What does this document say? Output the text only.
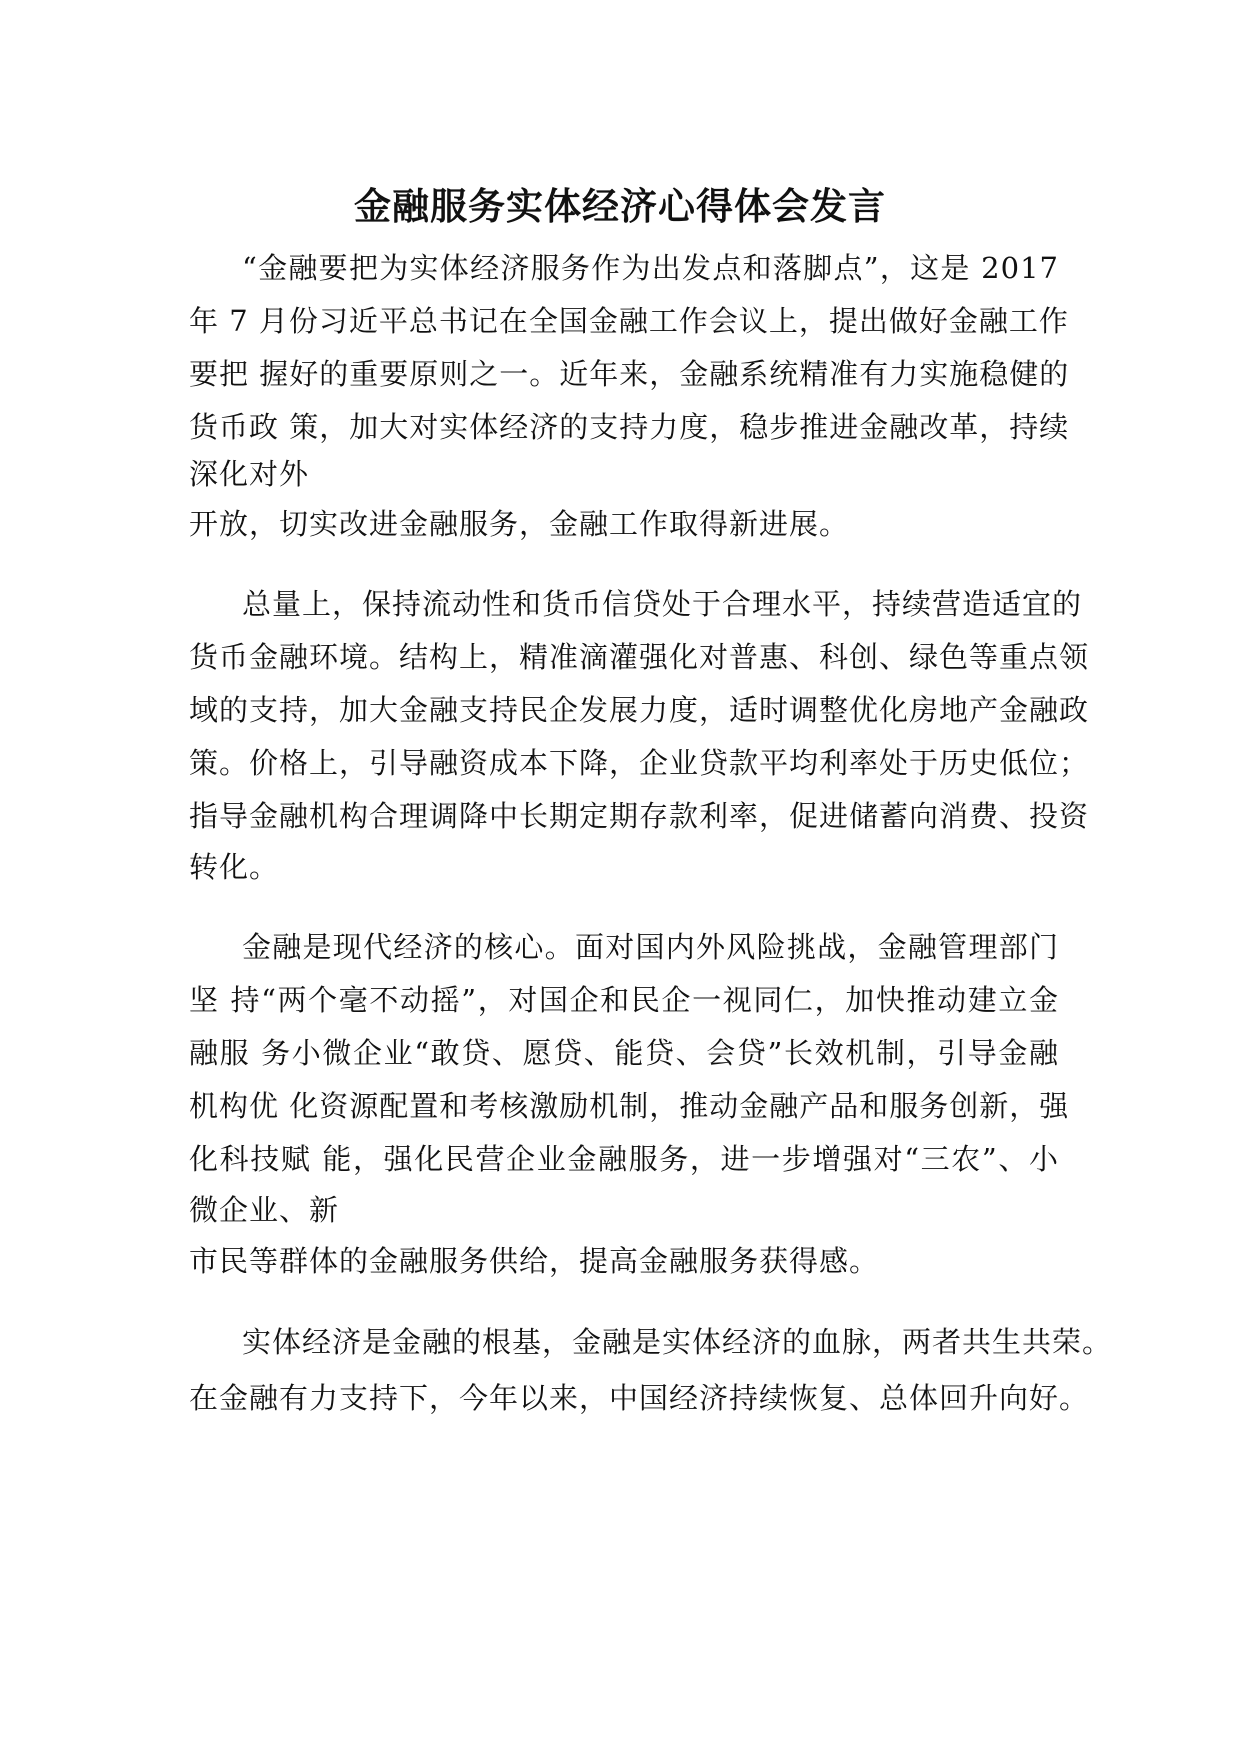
金融服务实体经济心得体会发言
“金融要把为实体经济服务作为出发点和落脚点”，这是 2017
年 7 月份习近平总书记在全国金融工作会议上，提出做好金融工作
要把 握好的重要原则之一。近年来，金融系统精准有力实施稳健的
货币政 策，加大对实体经济的支持力度，稳步推进金融改革，持续
深化对外
开放，切实改进金融服务，金融工作取得新进展。
总量上，保持流动性和货币信贷处于合理水平，持续营造适宜的
货币金融环境。结构上，精准滴灌强化对普惠、科创、绿色等重点领
域的支持，加大金融支持民企发展力度，适时调整优化房地产金融政
策。价格上，引导融资成本下降，企业贷款平均利率处于历史低位；
指导金融机构合理调降中长期定期存款利率，促进储蓄向消费、投资
转化。
金融是现代经济的核心。面对国内外风险挑战，金融管理部门
坚 持“两个毫不动摇”，对国企和民企一视同仁，加快推动建立金
融服 务小微企业“敢贷、愿贷、能贷、会贷”长效机制，引导金融
机构优 化资源配置和考核激励机制，推动金融产品和服务创新，强
化科技赋 能，强化民营企业金融服务，进一步增强对“三农”、小
微企业、新
市民等群体的金融服务供给，提高金融服务获得感。
实体经济是金融的根基，金融是实体经济的血脉，两者共生共荣。
在金融有力支持下，今年以来，中国经济持续恢复、总体回升向好。
